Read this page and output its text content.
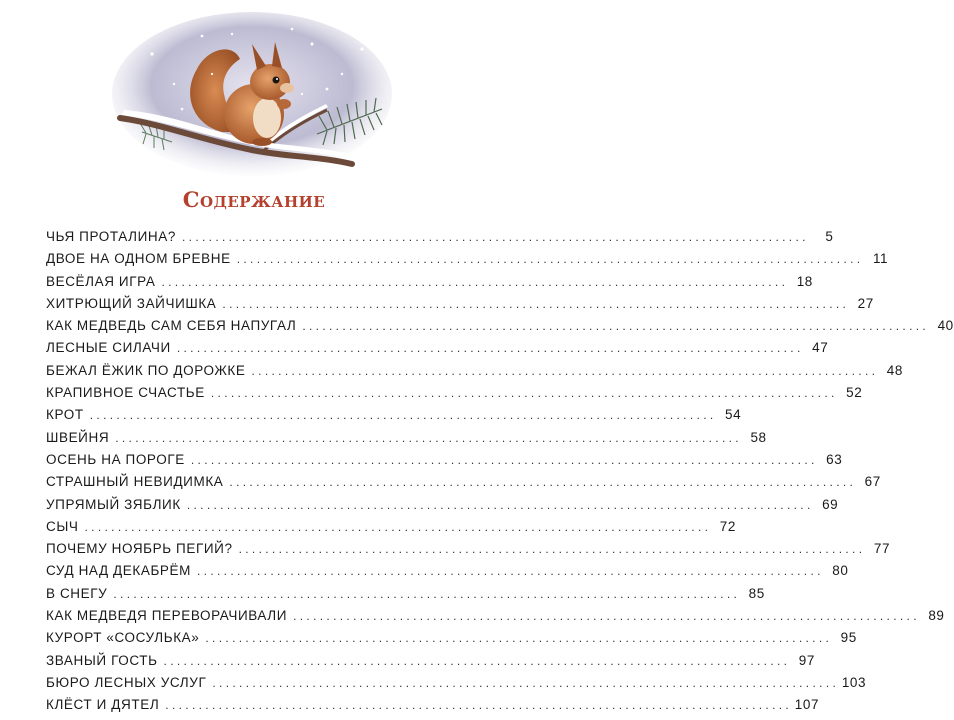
Содержание
ЧЬЯ ПРОТАЛИНА? . . .	5
ДВОЕ НА ОДНОМ БРЕВНЕ . . .	11
ВЕСЁЛАЯ ИГРА . . .	18
ХИТРЮЩИЙ ЗАЙЧИШКА . . .	27
КАК МЕДВЕДЬ САМ СЕБЯ НАПУГАЛ . . .	40
ЛЕСНЫЕ СИЛАЧИ . . .	47
БЕЖАЛ ЁЖИК ПО ДОРОЖКЕ . . .	48
КРАПИВНОЕ СЧАСТЬЕ . . .	52
КРОТ . . .	54
ШВЕЙНЯ . . .	58
ОСЕНЬ НА ПОРОГЕ . . .	63
СТРАШНЫЙ НЕВИДИМКА . . .	67
УПРЯМЫЙ ЗЯБЛИК . . .	69
СЫЧ . . .	72
ПОЧЕМУ НОЯБРЬ ПЕГИЙ? . . .	77
СУД НАД ДЕКАБРЁМ . . .	80
В СНЕГУ . . .	85
КАК МЕДВЕДЯ ПЕРЕВОРАЧИВАЛИ . . .	89
КУРОРТ «СОСУЛЬКА» . . .	95
ЗВАНЫЙ ГОСТЬ . . .	97
БЮРО ЛЕСНЫХ УСЛУГ . . .	103
КЛЁСТ И ДЯТЕЛ . . .	107
